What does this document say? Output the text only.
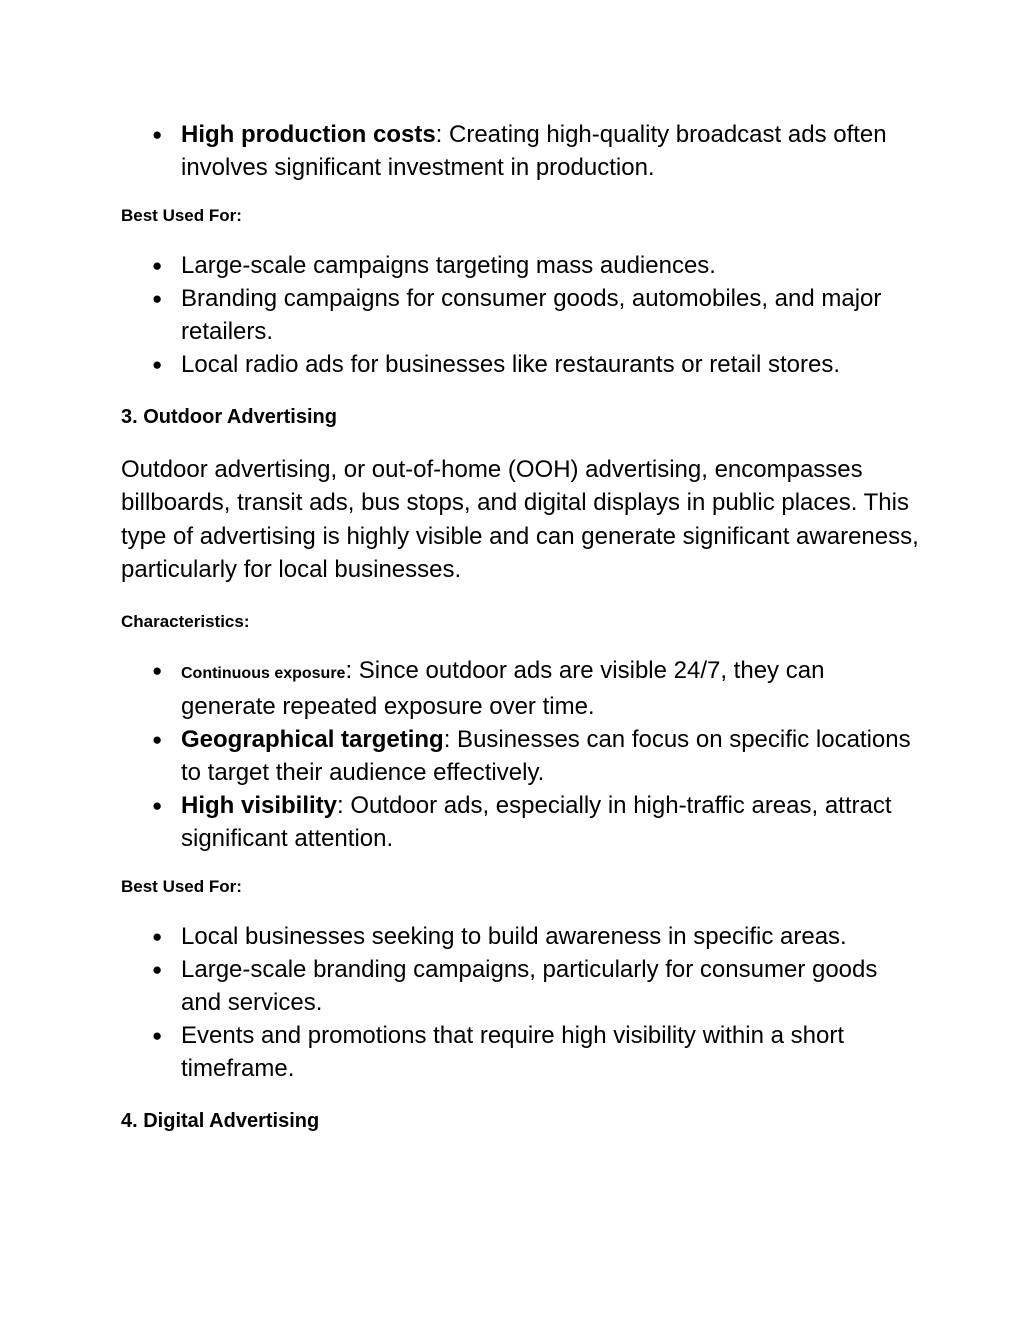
● High production costs: Creating high-quality broadcast ads often involves significant investment in production.

Best Used For:

● Large-scale campaigns targeting mass audiences.
● Branding campaigns for consumer goods, automobiles, and major retailers.
● Local radio ads for businesses like restaurants or retail stores.

3. Outdoor Advertising

Outdoor advertising, or out-of-home (OOH) advertising, encompasses billboards, transit ads, bus stops, and digital displays in public places. This type of advertising is highly visible and can generate significant awareness, particularly for local businesses.

Characteristics:

● Continuous exposure: Since outdoor ads are visible 24/7, they can generate repeated exposure over time.
● Geographical targeting: Businesses can focus on specific locations to target their audience effectively.
● High visibility: Outdoor ads, especially in high-traffic areas, attract significant attention.

Best Used For:

● Local businesses seeking to build awareness in specific areas.
● Large-scale branding campaigns, particularly for consumer goods and services.
● Events and promotions that require high visibility within a short timeframe.

4. Digital Advertising
